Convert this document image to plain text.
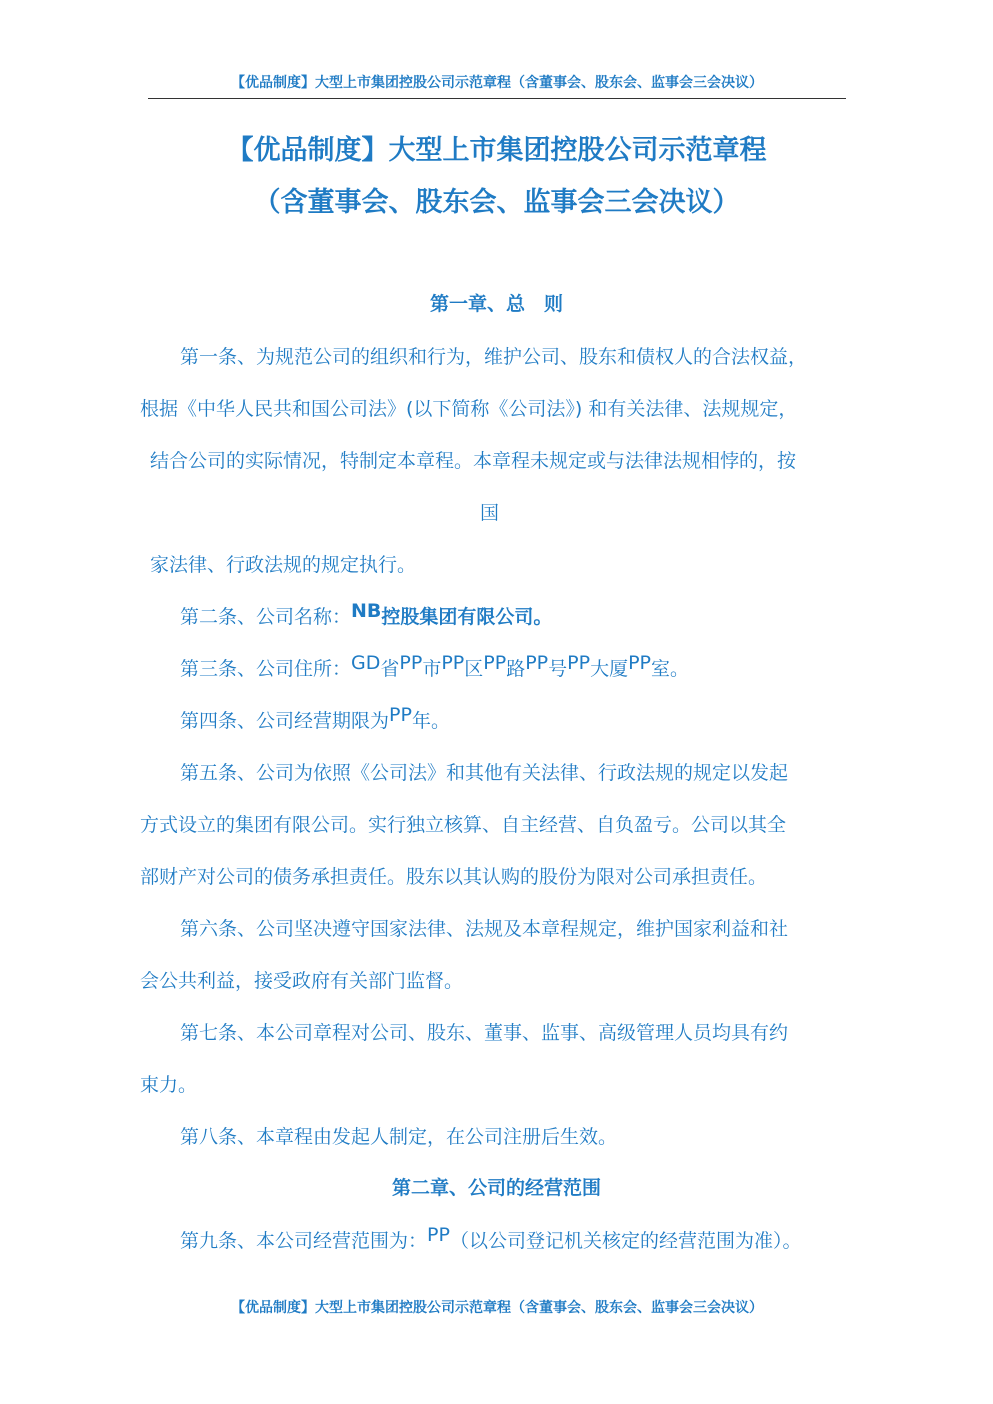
【优品制度】大型上市集团控股公司示范章程（含董事会、股东会、监事会三会决议）
【优品制度】大型上市集团控股公司示范章程
（含董事会、股东会、监事会三会决议）
第一章、总　则
第一条、为规范公司的组织和行为，维护公司、股东和债权人的合法权益，
根据《中华人民共和国公司法》(以下简称《公司法》) 和有关法律、法规规定，
结合公司的实际情况，特制定本章程。本章程未规定或与法律法规相悖的，按
国
家法律、行政法规的规定执行。
第二条、公司名称：NB控股集团有限公司。
第三条、公司住所：GD省PP市PP区PP路PP号PP大厦PP室。
第四条、公司经营期限为PP年。
第五条、公司为依照《公司法》和其他有关法律、行政法规的规定以发起
方式设立的集团有限公司。实行独立核算、自主经营、自负盈亏。公司以其全
部财产对公司的债务承担责任。股东以其认购的股份为限对公司承担责任。
第六条、公司坚决遵守国家法律、法规及本章程规定，维护国家利益和社
会公共利益，接受政府有关部门监督。
第七条、本公司章程对公司、股东、董事、监事、高级管理人员均具有约
束力。
第八条、本章程由发起人制定，在公司注册后生效。
第二章、公司的经营范围
第九条、本公司经营范围为：PP（以公司登记机关核定的经营范围为准）。
【优品制度】大型上市集团控股公司示范章程（含董事会、股东会、监事会三会决议）
